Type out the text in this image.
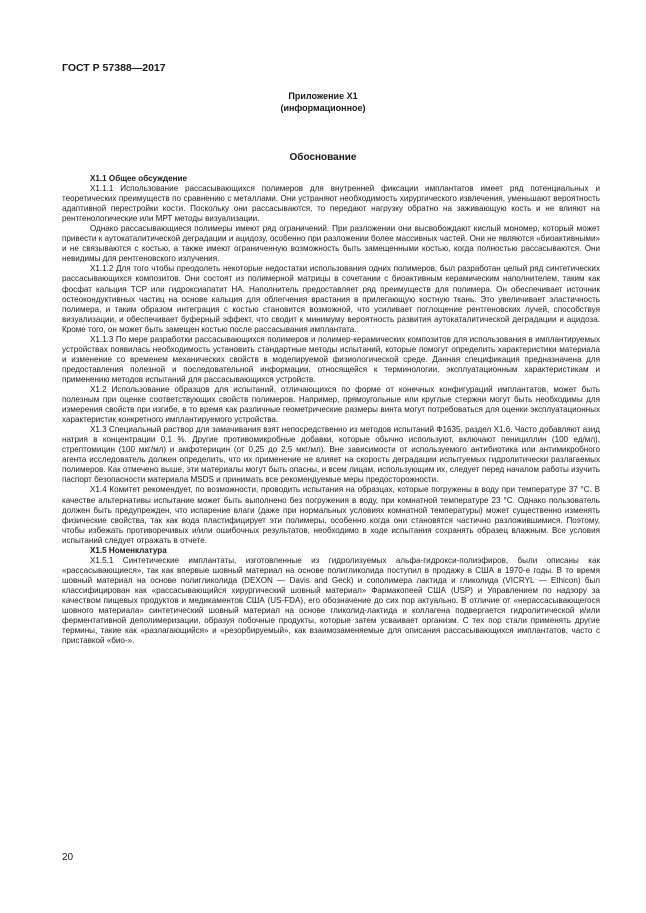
ГОСТ Р 57388—2017
Приложение X1
(информационное)
Обоснование
X1.1 Общее обсуждение

X1.1.1 Использование рассасывающихся полимеров для внутренней фиксации имплантатов имеет ряд потенциальных и теоретических преимуществ по сравнению с металлами. Они устраняют необходимость хирургического извлечения, уменьшают вероятность адаптивной перестройки кости. Поскольку они рассасываются, то передают нагрузку обратно на заживающую кость и не влияют на рентгенологические или МРТ методы визуализации.

Однако рассасывающиеся полимеры имеют ряд ограничений. При разложении они высвобождают кислый мономер, который может привести к аутокаталитической деградации и ацидозу, особенно при разложении более массивных частей. Они не являются «биоактивными» и не связываются с костью, а также имеют ограниченную возможность быть замещенными костью, когда полностью рассасываются. Они невидимы для рентгеновского излучения.

X1.1.2 Для того чтобы преодолеть некоторые недостатки использования одних полимеров, был разработан целый ряд синтетических рассасывающихся композитов. Они состоят из полимерной матрицы в сочетании с биоактивным керамическим наполнителем, таким как фосфат кальция TCP или гидроксиапатит HA. Наполнитель предоставляет ряд преимуществ для полимера. Он обеспечивает источник остеокондуктивных частиц на основе кальция для облегчения врастания в прилегающую костную ткань. Это увеличивает эластичность полимера, и таким образом интеграция с костью становится возможной, что усиливает поглощение рентгеновских лучей, способствуя визуализации, и обеспечивает буферный эффект, что сводит к минимуму вероятность развития аутокаталитической деградации и ацидоза. Кроме того, он может быть замещен костью после рассасывания имплантата.

X1.1.3 По мере разработки рассасывающихся полимеров и полимер-керамических композитов для использования в имплантируемых устройствах появилась необходимость установить стандартные методы испытаний, которые помогут определить характеристики материала и изменение со временем механических свойств в моделируемой физиологической среде. Данная спецификация предназначена для предоставления полезной и последовательной информации, относящейся к терминологии, эксплуатационным характеристикам и применению методов испытаний для рассасывающихся устройств.

X1.2 Использование образцов для испытаний, отличающихся по форме от конечных конфигураций имплантатов, может быть полезным при оценке соответствующих свойств полимеров. Например, прямоугольные или круглые стержни могут быть необходимы для измерения свойств при изгибе, в то время как различные геометрические размеры винта могут потребоваться для оценки эксплуатационных характеристик конкретного имплантируемого устройства.

X1.3 Специальный раствор для замачивания взят непосредственно из методов испытаний Ф1635, раздел X1.6. Часто добавляют азид натрия в концентрации 0,1 %. Другие противомикробные добавки, которые обычно используют, включают пенициллин (100 ед/мл), стрептомицин (100 мкг/мл) и амфотерицин (от 0,25 до 2,5 мкг/мл). Вне зависимости от используемого антибиотика или антимикробного агента исследователь должен определить, что их применение не влияет на скорость деградации испытуемых гидролитически разлагаемых полимеров. Как отмечено выше, эти материалы могут быть опасны, и всем лицам, использующим их, следует перед началом работы изучить паспорт безопасности материала MSDS и принимать все рекомендуемые меры предосторожности.

X1.4 Комитет рекомендует, по возможности, проводить испытания на образцах, которые погружены в воду при температуре 37 °C. В качестве альтернативы испытание может быть выполнено без погружения в воду, при комнатной температуре 23 °C. Однако пользователь должен быть предупрежден, что испарение влаги (даже при нормальных условиях комнатной температуры) может существенно изменять физические свойства, так как вода пластифицирует эти полимеры, особенно когда они становятся частично разложившимися. Поэтому, чтобы избежать противоречивых и/или ошибочных результатов, необходимо в ходе испытания сохранять образец влажным. Все условия испытаний следует отражать в отчете.

X1.5 Номенклатура

X1.5.1 Синтетические имплантаты, изготовленные из гидролизуемых альфа-гидрокси-полиэфиров, были описаны как «рассасывающиеся», так как впервые шовный материал на основе полигликолида поступил в продажу в США в 1970-е годы. В то время шовный материал на основе полигликолида (DEXON — Davis and Geck) и сополимера лактида и гликолида (VICRYL — Ethicon) был классифицирован как «рассасывающийся хирургический шовный материал» Фармакопеей США (USP) и Управлением по надзору за качеством пищевых продуктов и медикаментов США (US-FDA), его обозначение до сих пор актуально. В отличие от «нерассасывающегося шовного материала» синтетический шовный материал на основе гликолид-лактида и коллагена подвергается гидролитической и/или ферментативной деполимеризации, образуя побочные продукты, которые затем усваивает организм. С тех пор стали применять другие термины, такие как «разлагающийся» и «резорбируемый», как взаимозаменяемые для описания рассасывающихся имплантатов, часто с приставкой «био-».

20
